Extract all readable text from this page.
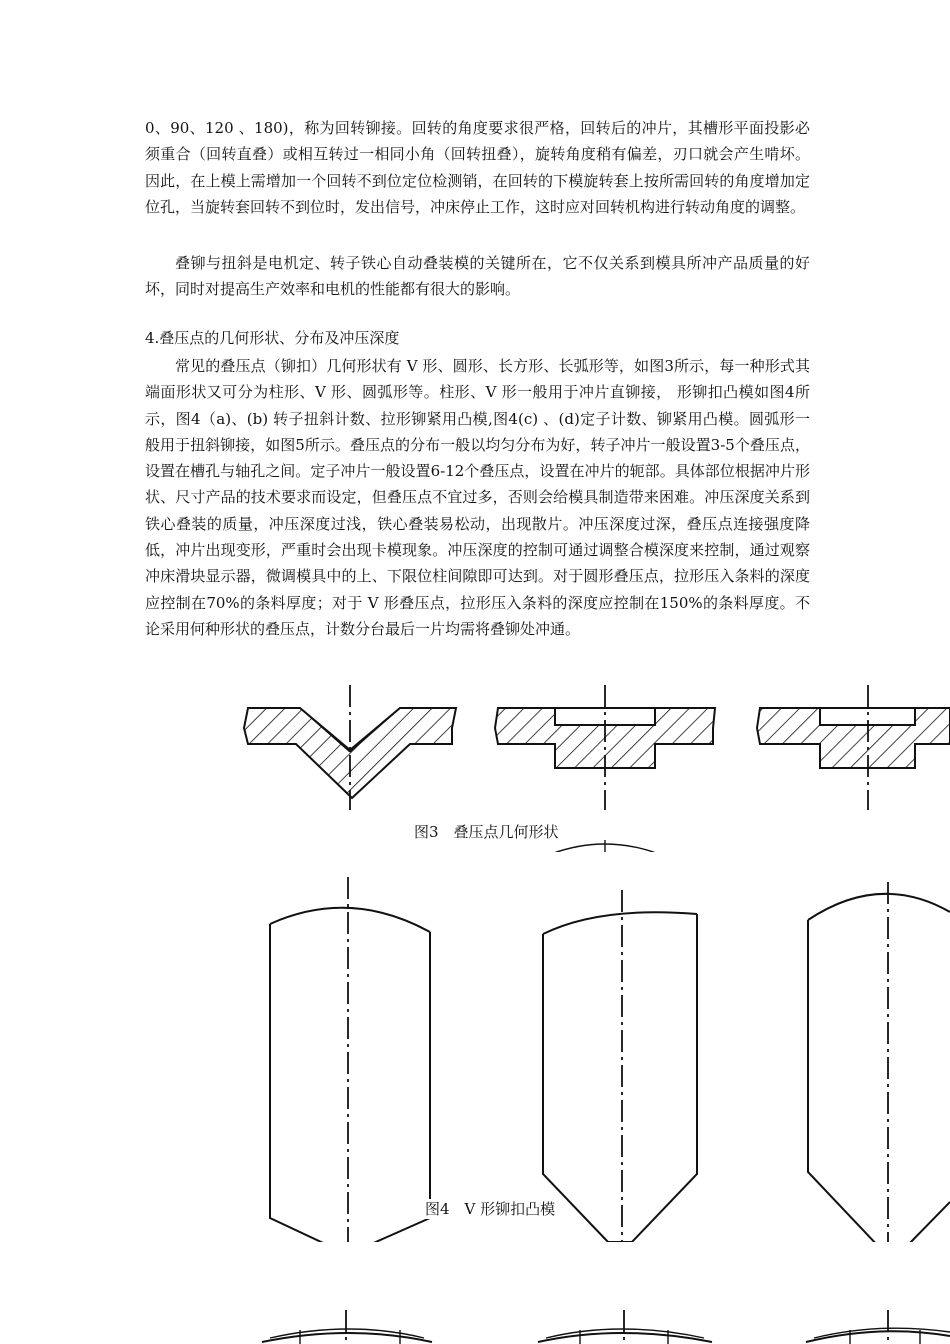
0、90、120 、180)，称为回转铆接。回转的角度要求很严格，回转后的冲片，其槽形平面投影必须重合（回转直叠）或相互转过一相同小角（回转扭叠），旋转角度稍有偏差，刃口就会产生啃坏。因此，在上模上需增加一个回转不到位定位检测销，在回转的下模旋转套上按所需回转的角度增加定位孔，当旋转套回转不到位时，发出信号，冲床停止工作，这时应对回转机构进行转动角度的调整。

叠铆与扭斜是电机定、转子铁心自动叠装模的关键所在，它不仅关系到模具所冲产品质量的好坏，同时对提高生产效率和电机的性能都有很大的影响。

4.叠压点的几何形状、分布及冲压深度

常见的叠压点（铆扣）几何形状有 V 形、圆形、长方形、长弧形等，如图3所示，每一种形式其端面形状又可分为柱形、V 形、圆弧形等。柱形、V 形一般用于冲片直铆接， 形铆扣凸模如图4所示，图4（a)、(b) 转子扭斜计数、拉形铆紧用凸模,图4(c) 、(d)定子计数、铆紧用凸模。圆弧形一般用于扭斜铆接，如图5所示。叠压点的分布一般以均匀分布为好，转子冲片一般设置3-5个叠压点，设置在槽孔与轴孔之间。定子冲片一般设置6-12个叠压点，设置在冲片的轭部。具体部位根据冲片形状、尺寸产品的技术要求而设定，但叠压点不宜过多，否则会给模具制造带来困难。冲压深度关系到铁心叠装的质量，冲压深度过浅，铁心叠装易松动，出现散片。冲压深度过深，叠压点连接强度降低，冲片出现变形，严重时会出现卡模现象。冲压深度的控制可通过调整合模深度来控制，通过观察冲床滑块显示器，微调模具中的上、下限位柱间隙即可达到。对于圆形叠压点，拉形压入条料的深度应控制在70%的条料厚度；对于 V 形叠压点，拉形压入条料的深度应控制在150%的条料厚度。不论采用何种形状的叠压点，计数分台最后一片均需将叠铆处冲通。

图3　叠压点几何形状
图4　V 形铆扣凸模
